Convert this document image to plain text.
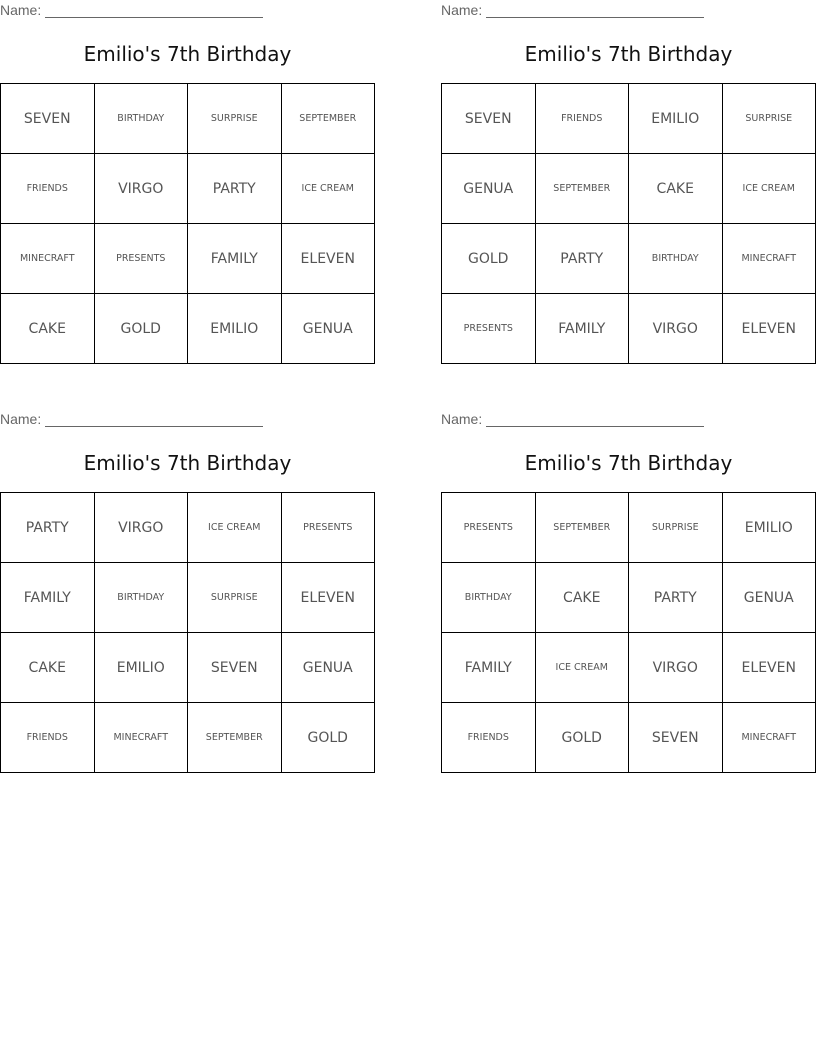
Name:
Emilio's 7th Birthday
SEVEN	BIRTHDAY	SURPRISE	SEPTEMBER
FRIENDS	VIRGO	PARTY	ICE CREAM
MINECRAFT	PRESENTS	FAMILY	ELEVEN
CAKE	GOLD	EMILIO	GENUA
Name:
Emilio's 7th Birthday
SEVEN	FRIENDS	EMILIO	SURPRISE
GENUA	SEPTEMBER	CAKE	ICE CREAM
GOLD	PARTY	BIRTHDAY	MINECRAFT
PRESENTS	FAMILY	VIRGO	ELEVEN
Name:
Emilio's 7th Birthday
PARTY	VIRGO	ICE CREAM	PRESENTS
FAMILY	BIRTHDAY	SURPRISE	ELEVEN
CAKE	EMILIO	SEVEN	GENUA
FRIENDS	MINECRAFT	SEPTEMBER	GOLD
Name:
Emilio's 7th Birthday
PRESENTS	SEPTEMBER	SURPRISE	EMILIO
BIRTHDAY	CAKE	PARTY	GENUA
FAMILY	ICE CREAM	VIRGO	ELEVEN
FRIENDS	GOLD	SEVEN	MINECRAFT
